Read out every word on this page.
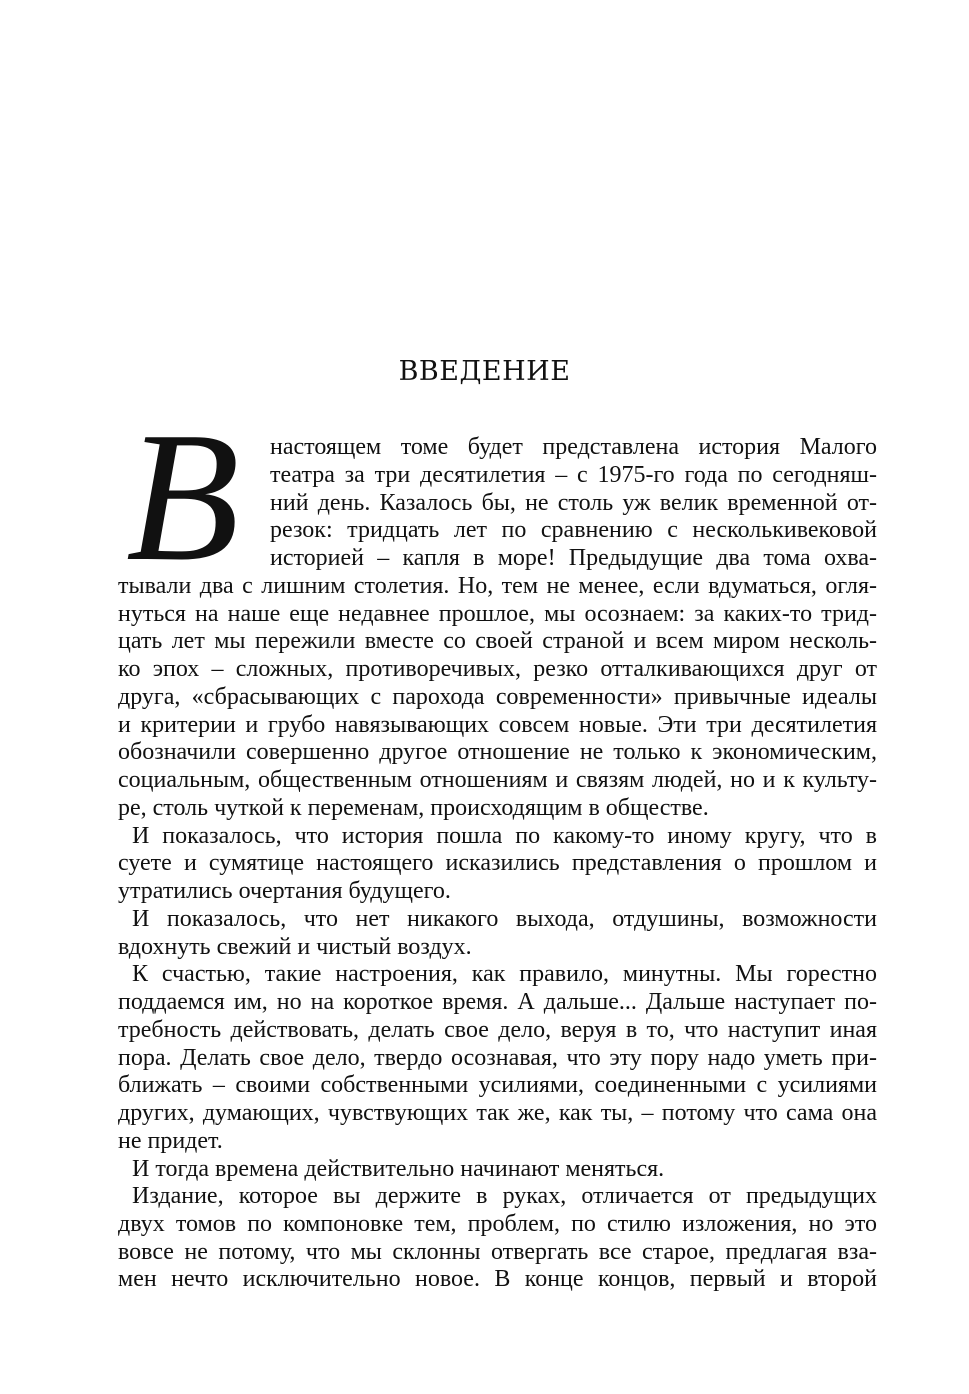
ВВЕДЕНИЕ
В	настоящем томе будет представлена история Малого
театра за три десятилетия – с 1975-го года по сегодняш-
ний день. Казалось бы, не столь уж велик временной от-
резок: тридцать лет по сравнению с несколькивековой
историей – капля в море! Предыдущие два тома охва-
тывали два с лишним столетия. Но, тем не менее, если вдуматься, огля-
нуться на наше еще недавнее прошлое, мы осознаем: за каких-то трид-
цать лет мы пережили вместе со своей страной и всем миром несколь-
ко эпох – сложных, противоречивых, резко отталкивающихся друг от
друга, «сбрасывающих с парохода современности» привычные идеалы
и критерии и грубо навязывающих совсем новые. Эти три десятилетия
обозначили совершенно другое отношение не только к экономическим,
социальным, общественным отношениям и связям людей, но и к культу-
ре, столь чуткой к переменам, происходящим в обществе.
И показалось, что история пошла по какому-то иному кругу, что в
суете и сумятице настоящего исказились представления о прошлом и
утратились очертания будущего.
И показалось, что нет никакого выхода, отдушины, возможности
вдохнуть свежий и чистый воздух.
К счастью, такие настроения, как правило, минутны. Мы горестно
поддаемся им, но на короткое время. А дальше... Дальше наступает по-
требность действовать, делать свое дело, веруя в то, что наступит иная
пора. Делать свое дело, твердо осознавая, что эту пору надо уметь при-
ближать – своими собственными усилиями, соединенными с усилиями
других, думающих, чувствующих так же, как ты, – потому что сама она
не придет.
И тогда времена действительно начинают меняться.
Издание, которое вы держите в руках, отличается от предыдущих
двух томов по компоновке тем, проблем, по стилю изложения, но это
вовсе не потому, что мы склонны отвергать все старое, предлагая вза-
мен нечто исключительно новое. В конце концов, первый и второй
